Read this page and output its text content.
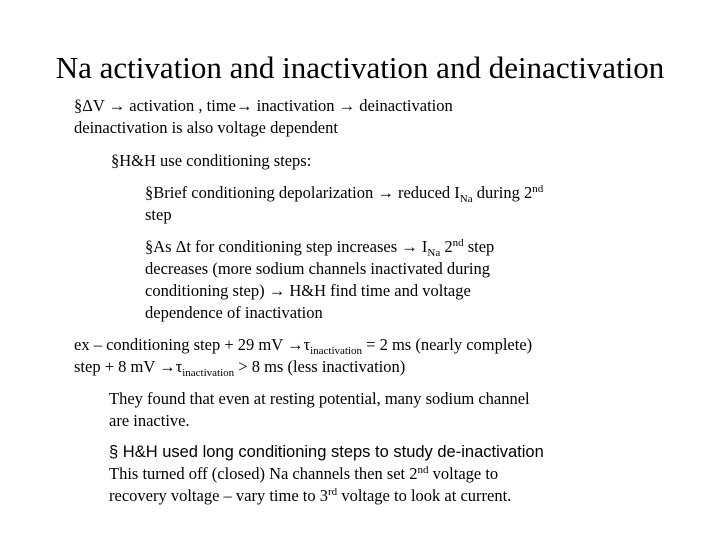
Na activation and inactivation and deinactivation
§ΔV → activation , time→ inactivation → deinactivation
deinactivation is also voltage dependent
§H&H use conditioning steps:
§Brief conditioning depolarization → reduced $I_{Na}$ during 2nd
step
§As Δt for conditioning step increases → $I_{Na}$ 2nd step
decreases (more sodium channels inactivated during
conditioning step) → H&H find time and voltage
dependence of inactivation
ex – conditioning step + 29 mV $\to\tau_{inactivation} = 2$ ms (nearly complete)
step + 8 mV $\to\tau_{inactivation} > 8$ ms (less inactivation)
They found that even at resting potential, many sodium channel
are inactive.
§ H&H used long conditioning steps to study de-inactivation
This turned off (closed) Na channels then set 2nd voltage to
recovery voltage – vary time to 3rd voltage to look at current.
